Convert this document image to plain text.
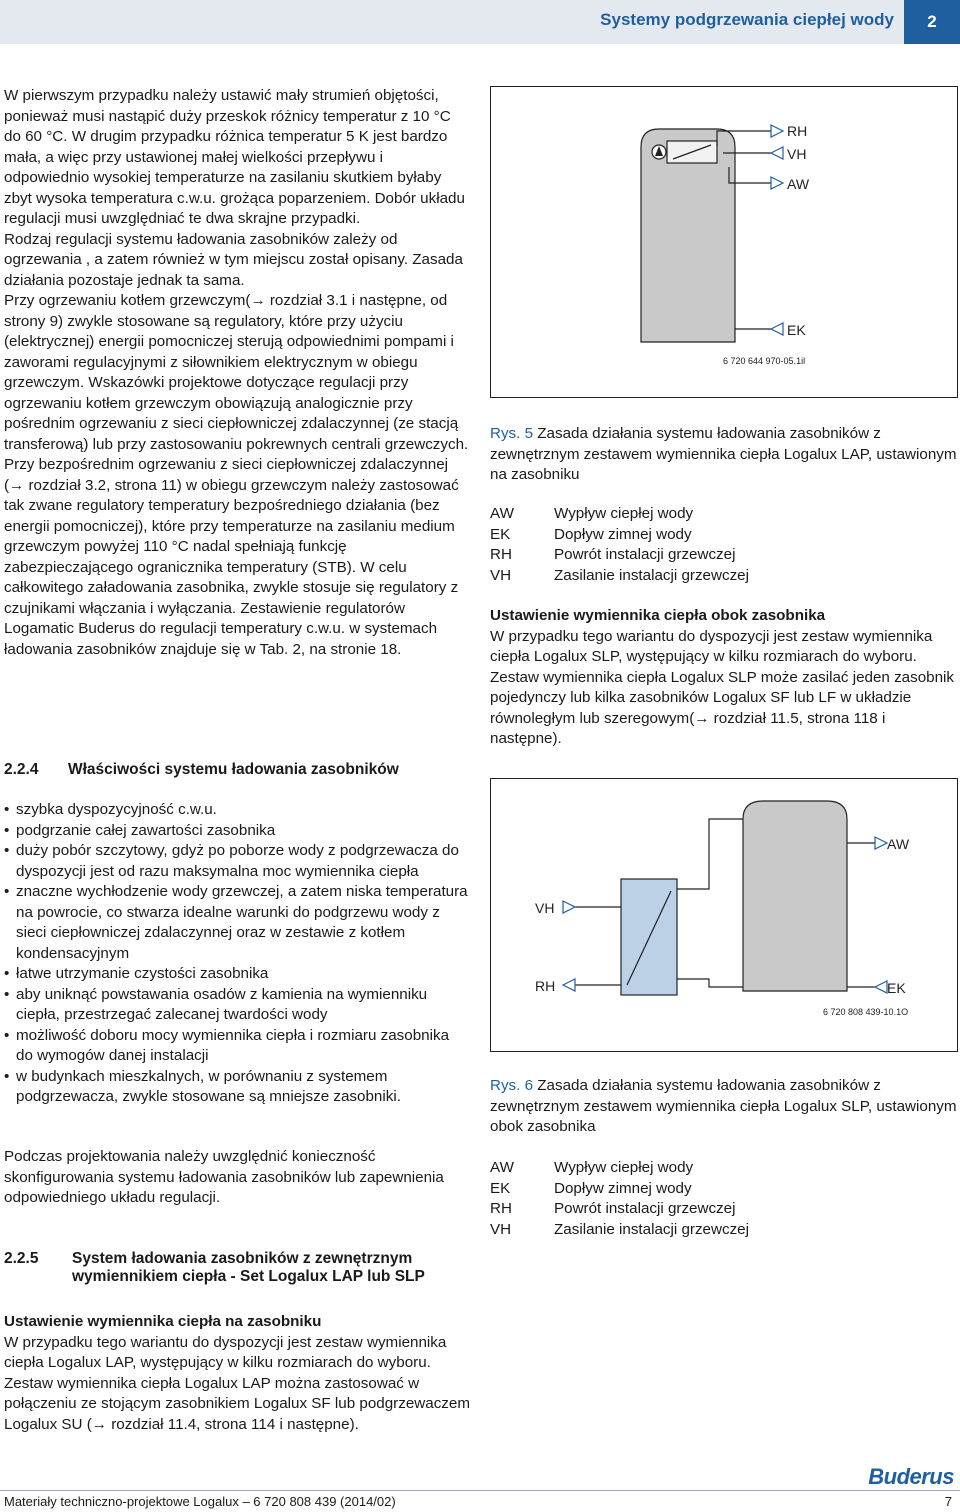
Systemy podgrzewania ciepłej wody	2

W pierwszym przypadku należy ustawić mały strumień objętości, ponieważ musi nastąpić duży przeskok różnicy temperatur z 10 °C do 60 °C. W drugim przypadku różnica temperatur 5 K jest bardzo mała, a więc przy ustawionej małej wielkości przepływu i odpowiednio wysokiej temperaturze na zasilaniu skutkiem byłaby zbyt wysoka temperatura c.w.u. grożąca poparzeniem. Dobór układu regulacji musi uwzględniać te dwa skrajne przypadki.

Rodzaj regulacji systemu ładowania zasobników zależy od ogrzewania , a zatem również w tym miejscu został opisany. Zasada działania pozostaje jednak ta sama.

Przy ogrzewaniu kotłem grzewczym(→ rozdział 3.1 i następne, od strony 9) zwykle stosowane są regulatory, które przy użyciu (elektrycznej) energii pomocniczej sterują odpowiednimi pompami i zaworami regulacyjnymi z siłownikiem elektrycznym w obiegu grzewczym. Wskazówki projektowe dotyczące regulacji przy ogrzewaniu kotłem grzewczym obowiązują analogicznie przy pośrednim ogrzewaniu z sieci ciepłowniczej zdalaczynnej (ze stacją transferową) lub przy zastosowaniu pokrewnych centrali grzewczych. Przy bezpośrednim ogrzewaniu z sieci ciepłowniczej zdalaczynnej (→ rozdział 3.2, strona 11) w obiegu grzewczym należy zastosować tak zwane regulatory temperatury bezpośredniego działania (bez energii pomocniczej), które przy temperaturze na zasilaniu medium grzewczym powyżej 110 °C nadal spełniają funkcję zabezpieczającego ogranicznika temperatury (STB). W celu całkowitego załadowania zasobnika, zwykle stosuje się regulatory z czujnikami włączania i wyłączania. Zestawienie regulatorów Logamatic Buderus do regulacji temperatury c.w.u. w systemach ładowania zasobników znajduje się w Tab. 2, na stronie 18.

2.2.4 Właściwości systemu ładowania zasobników
• szybka dyspozycyjność c.w.u.
• podgrzanie całej zawartości zasobnika
• duży pobór szczytowy, gdyż po poborze wody z podgrzewacza do dyspozycji jest od razu maksymalna moc wymiennika ciepła
• znaczne wychłodzenie wody grzewczej, a zatem niska temperatura na powrocie, co stwarza idealne warunki do podgrzewu wody z sieci ciepłowniczej zdalaczynnej oraz w zestawie z kotłem kondensacyjnym
• łatwe utrzymanie czystości zasobnika
• aby uniknąć powstawania osadów z kamienia na wymienniku ciepła, przestrzegać zalecanej twardości wody
• możliwość doboru mocy wymiennika ciepła i rozmiaru zasobnika do wymogów danej instalacji
• w budynkach mieszkalnych, w porównaniu z systemem podgrzewacza, zwykle stosowane są mniejsze zasobniki.
Podczas projektowania należy uwzględnić konieczność skonfigurowania systemu ładowania zasobników lub zapewnienia odpowiedniego układu regulacji.
2.2.5	System ładowania zasobników z zewnętrznym wymiennikiem ciepła - Set Logalux LAP lub SLP

Ustawienie wymiennika ciepła na zasobniku

W przypadku tego wariantu do dyspozycji jest zestaw wymiennika ciepła Logalux LAP, występujący w kilku rozmiarach do wyboru. Zestaw wymiennika ciepła Logalux LAP można zastosować w połączeniu ze stojącym zasobnikiem Logalux SF lub podgrzewaczem Logalux SU (→ rozdział 11.4, strona 114 i następne).

RH
VH
AW
EK
6 720 644 970-05.1il
Rys. 5 Zasada działania systemu ładowania zasobników z zewnętrznym zestawem wymiennika ciepła Logalux LAP, ustawionym na zasobniku
AW	Wypływ ciepłej wody
EK	Dopływ zimnej wody
RH	Powrót instalacji grzewczej
VH	Zasilanie instalacji grzewczej

Ustawienie wymiennika ciepła obok zasobnika

W przypadku tego wariantu do dyspozycji jest zestaw wymiennika ciepła Logalux SLP, występujący w kilku rozmiarach do wyboru. Zestaw wymiennika ciepła Logalux SLP może zasilać jeden zasobnik pojedynczy lub kilka zasobników Logalux SF lub LF w układzie równoległym lub szeregowym(→ rozdział 11.5, strona 118 i następne).

AW
VH
RH	EK
6 720 808 439-10.1O
Rys. 6 Zasada działania systemu ładowania zasobników z zewnętrznym zestawem wymiennika ciepła Logalux SLP, ustawionym obok zasobnika
AW	Wypływ ciepłej wody
EK	Dopływ zimnej wody
RH	Powrót instalacji grzewczej
VH	Zasilanie instalacji grzewczej
Buderus
Materiały techniczno-projektowe Logalux – 6 720 808 439 (2014/02)	7
